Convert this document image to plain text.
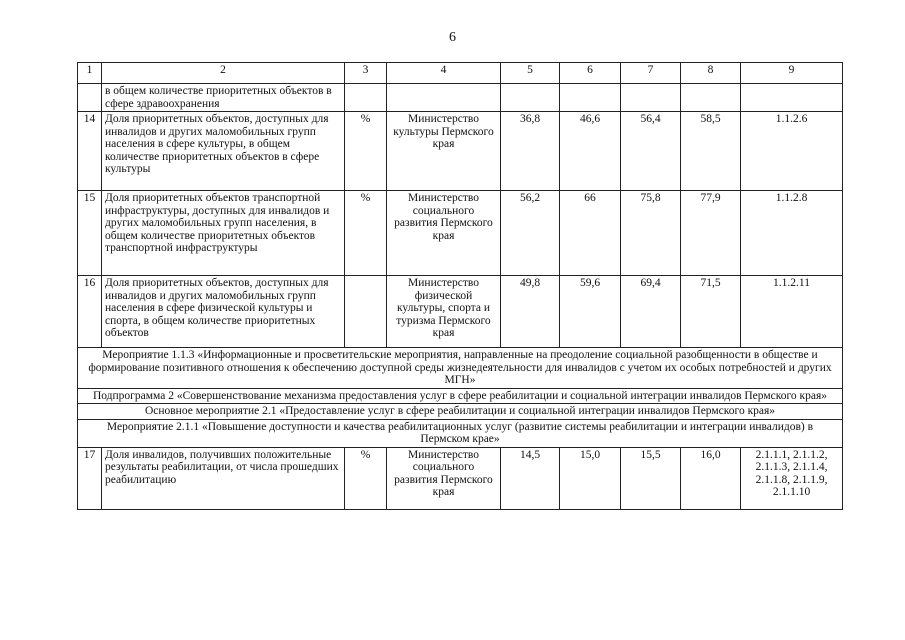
6
1	2	3	4	5	6	7	8	9
	в общем количестве приоритетных объектов в сфере здравоохранения							
14	Доля приоритетных объектов, доступных для инвалидов и других маломобильных групп населения в сфере культуры, в общем количестве приоритетных объектов в сфере культуры	%	Министерство культуры Пермского края	36,8	46,6	56,4	58,5	1.1.2.6
15	Доля приоритетных объектов транспортной инфраструктуры, доступных для инвалидов и других маломобильных групп населения, в общем количестве приоритетных объектов транспортной инфраструктуры	%	Министерство социального развития Пермского края	56,2	66	75,8	77,9	1.1.2.8
16	Доля приоритетных объектов, доступных для инвалидов и других маломобильных групп населения в сфере физической культуры и спорта, в общем количестве приоритетных объектов		Министерство физической культуры, спорта и туризма Пермского края	49,8	59,6	69,4	71,5	1.1.2.11
Мероприятие 1.1.3 «Информационные и просветительские мероприятия, направленные на преодоление социальной разобщенности в обществе и формирование позитивного отношения к обеспечению доступной среды жизнедеятельности для инвалидов с учетом их особых потребностей и других МГН»								
Подпрограмма 2 «Совершенствование механизма предоставления услуг в сфере реабилитации и социальной интеграции инвалидов Пермского края»								
Основное мероприятие 2.1 «Предоставление услуг в сфере реабилитации и социальной интеграции инвалидов Пермского края»								
Мероприятие 2.1.1 «Повышение доступности и качества реабилитационных услуг (развитие системы реабилитации и интеграции инвалидов) в Пермском крае»								
17	Доля инвалидов, получивших положительные результаты реабилитации, от числа прошедших реабилитацию	%	Министерство социального развития Пермского края	14,5	15,0	15,5	16,0	2.1.1.1, 2.1.1.2, 2.1.1.3, 2.1.1.4, 2.1.1.8, 2.1.1.9, 2.1.1.10
